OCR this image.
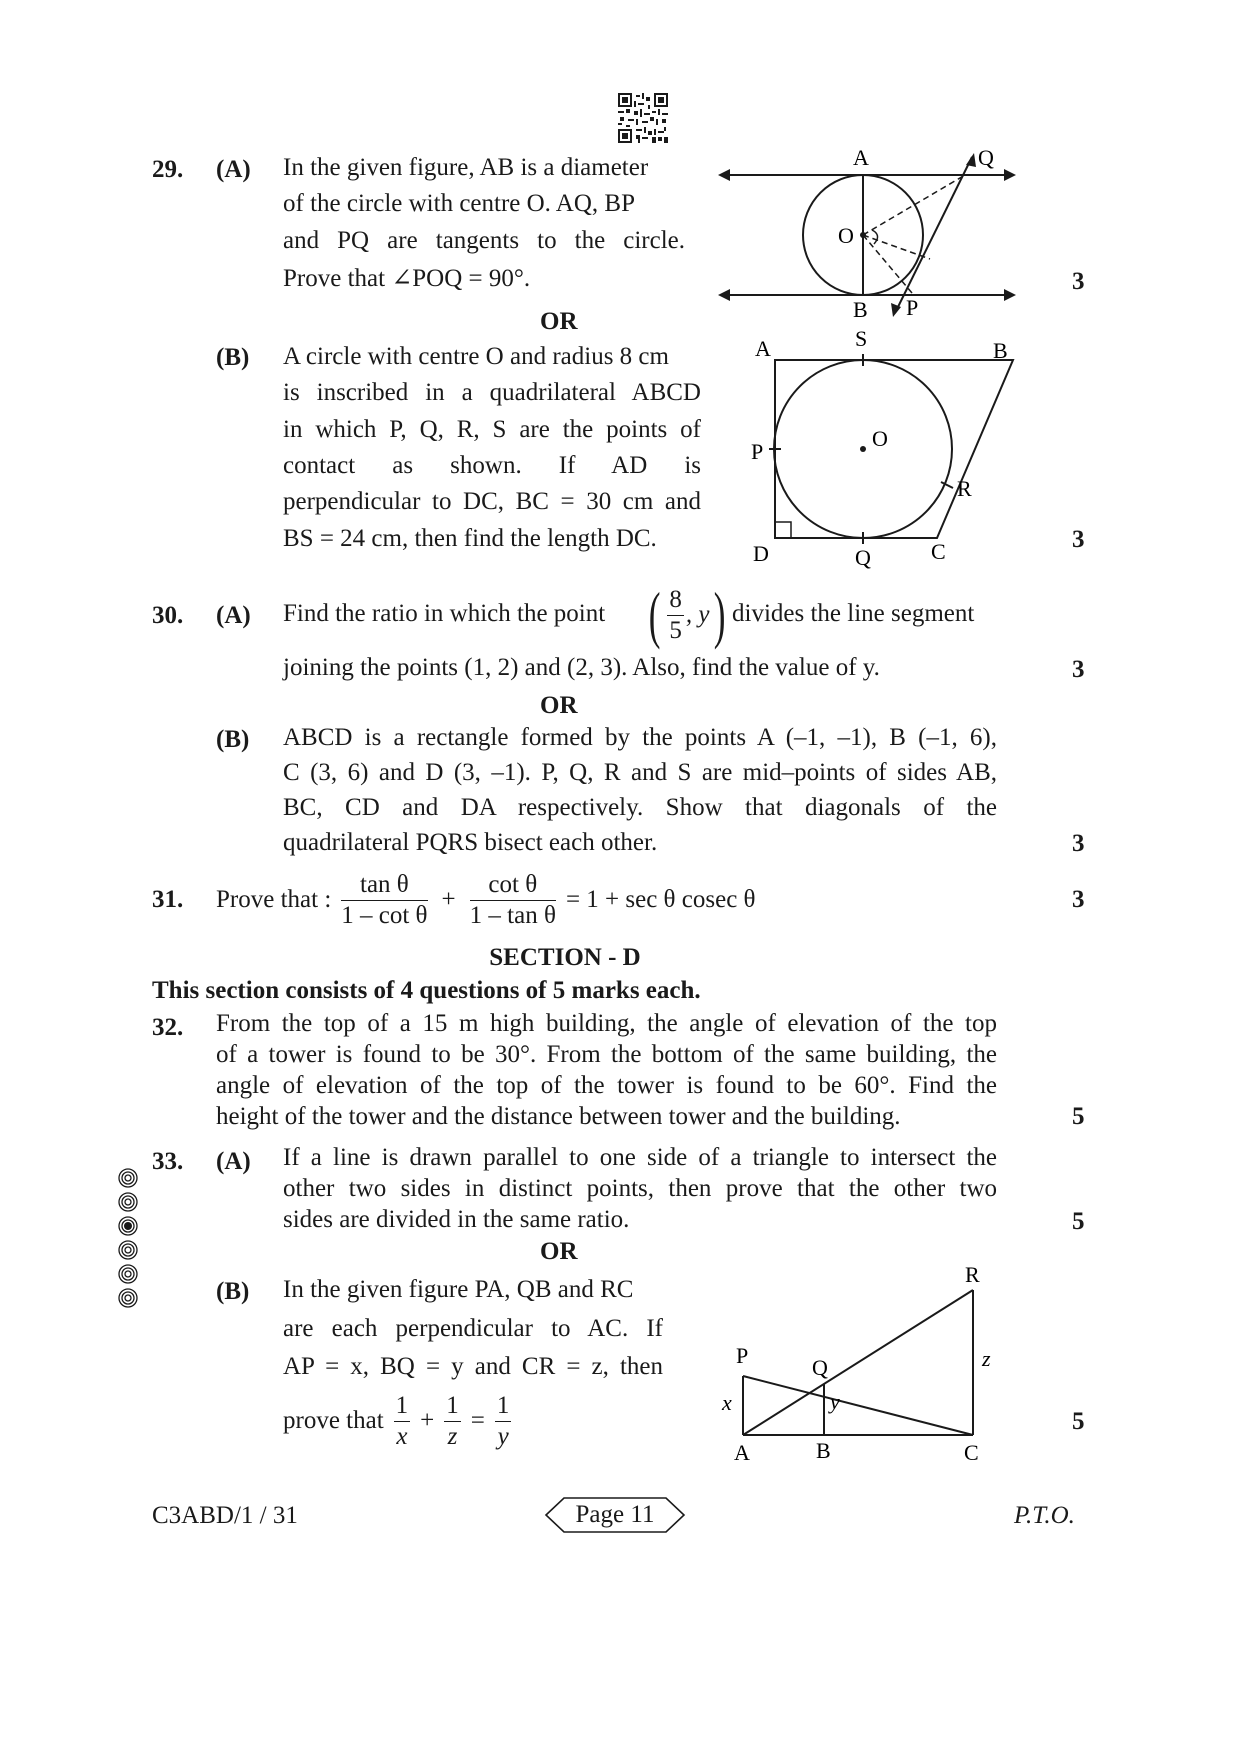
29. (A) In the given figure, AB is a diameter
of the circle with centre O. AQ, BP
and PQ are tangents to the circle.
Prove that ∠POQ = 90°.	3
OR
A	Q
O
B P
(B) A circle with centre O and radius 8 cm
is inscribed in a quadrilateral ABCD
in which P, Q, R, S are the points of
contact as shown. If AD is
perpendicular to DC, BC = 30 cm and
BS = 24 cm, then find the length DC.	3
A	S	B
P
O
R
D	Q	C
30. (A) Find the ratio in which the point ( $\frac{8}{5}$ , y ) divides the line segment
joining the points (1, 2) and (2, 3). Also, find the value of y.	3
OR
(B) ABCD is a rectangle formed by the points A (–1, –1), B (–1, 6),
C (3, 6) and D (3, –1). P, Q, R and S are mid–points of sides AB,
BC, CD and DA respectively. Show that diagonals of the
quadrilateral PQRS bisect each other.	3
31. Prove that : $\frac{\text{tan θ}}{\text{1 – cot θ}} + \frac{\text{cot θ}}{\text{1 – tan θ}} = 1 + \sec \theta$ cosec θ	3
SECTION - D
This section consists of 4 questions of 5 marks each.
32. From the top of a 15 m high building, the angle of elevation of the top
of a tower is found to be 30°. From the bottom of the same building, the
angle of elevation of the top of the tower is found to be 60°. Find the
height of the tower and the distance between tower and the building.	5
33. (A) If a line is drawn parallel to one side of a triangle to intersect the
other two sides in distinct points, then prove that the other two
sides are divided in the same ratio.	5
OR
(B) In the given figure PA, QB and RC
are each perpendicular to AC. If
AP = x, BQ = y and CR = z, then
prove that $\frac{1}{x} + \frac{1}{z} = \frac{1}{y}$	5
R
P	Q	z
x	y
A	B	C
C3ABD/1 / 31	Page 11	P.T.O.
